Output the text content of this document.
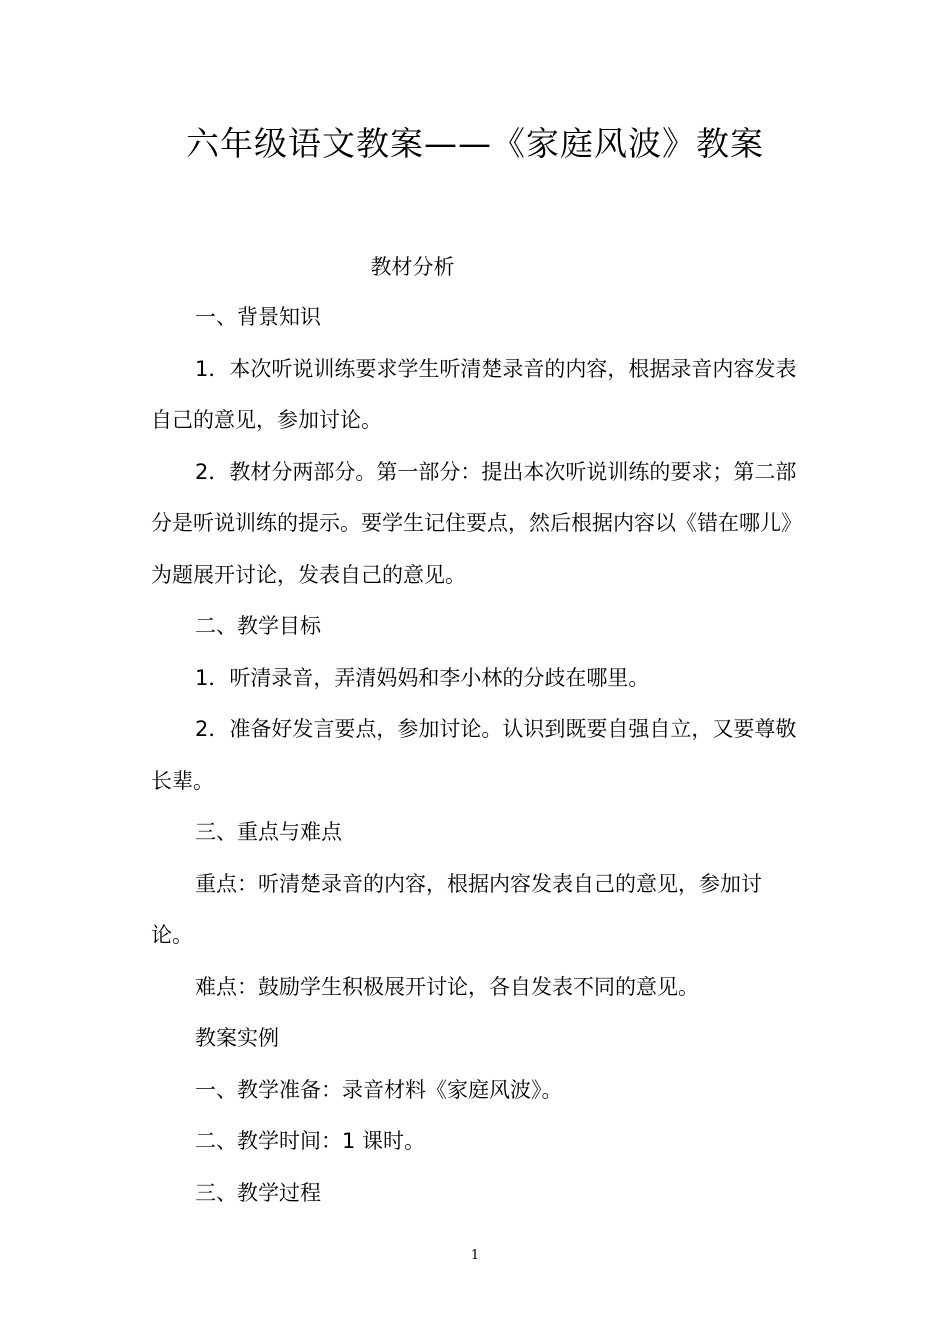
六年级语文教案——《家庭风波》教案
教材分析

一、背景知识

1．本次听说训练要求学生听清楚录音的内容，根据录音内容发表自己的意见，参加讨论。

2．教材分两部分。第一部分：提出本次听说训练的要求；第二部分是听说训练的提示。要学生记住要点，然后根据内容以《错在哪儿》为题展开讨论，发表自己的意见。

二、教学目标

1．听清录音，弄清妈妈和李小林的分歧在哪里。

2．准备好发言要点，参加讨论。认识到既要自强自立，又要尊敬长辈。

三、重点与难点

重点：听清楚录音的内容，根据内容发表自己的意见，参加讨论。

难点：鼓励学生积极展开讨论，各自发表不同的意见。

教案实例

一、教学准备：录音材料《家庭风波》。

二、教学时间：1 课时。

三、教学过程

1
